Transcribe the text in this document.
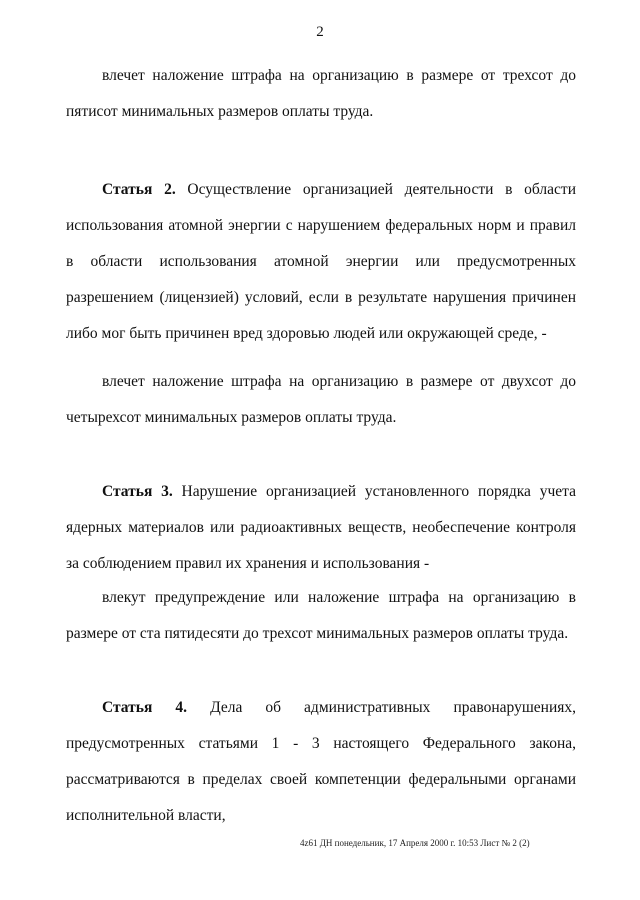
2

влечет наложение штрафа на организацию в размере от трехсот до пятисот минимальных размеров оплаты труда.

Статья 2. Осуществление организацией деятельности в области использования атомной энергии с нарушением федеральных норм и правил в области использования атомной энергии или предусмотренных разрешением (лицензией) условий, если в результате нарушения причинен либо мог быть причинен вред здоровью людей или окружающей среде, -

влечет наложение штрафа на организацию в размере от двухсот до четырехсот минимальных размеров оплаты труда.

Статья 3. Нарушение организацией установленного порядка учета ядерных материалов или радиоактивных веществ, необеспечение контроля за соблюдением правил их хранения и использования -

влекут предупреждение или наложение штрафа на организацию в размере от ста пятидесяти до трехсот минимальных размеров оплаты труда.

Статья 4. Дела об административных правонарушениях, предусмотренных статьями 1 - 3 настоящего Федерального закона, рассматриваются в пределах своей компетенции федеральными органами исполнительной власти,

4z61 ДН понедельник, 17 Апреля 2000 г. 10:53 Лист № 2 (2)
